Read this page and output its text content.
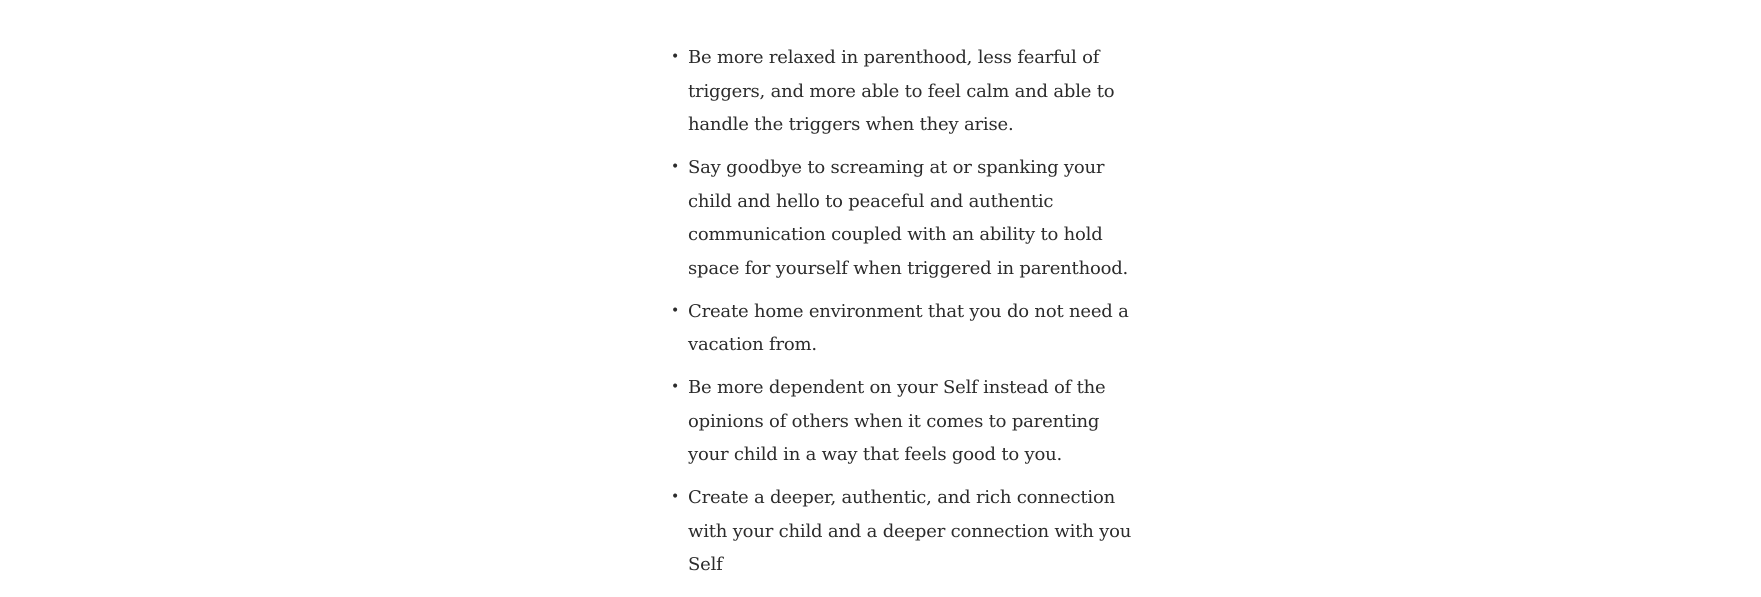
• Be more relaxed in parenthood, less fearful of
triggers, and more able to feel calm and able to
handle the triggers when they arise.
• Say goodbye to screaming at or spanking your
child and hello to peaceful and authentic
communication coupled with an ability to hold
space for yourself when triggered in parenthood.
• Create home environment that you do not need a
vacation from.
• Be more dependent on your Self instead of the
opinions of others when it comes to parenting
your child in a way that feels good to you.
• Create a deeper, authentic, and rich connection
with your child and a deeper connection with you
Self
